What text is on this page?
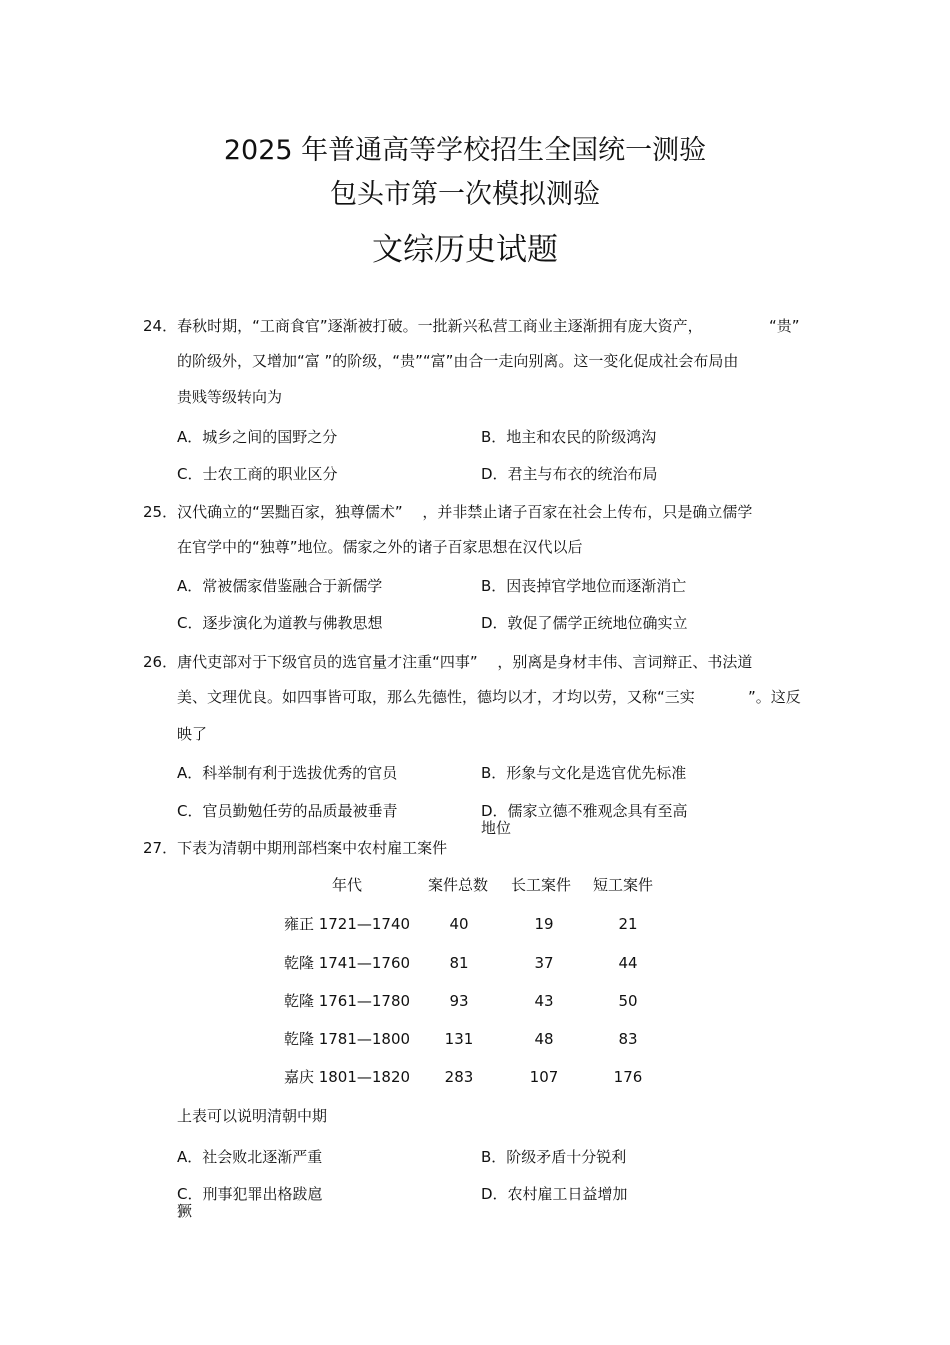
2025 年普通高等学校招生全国统一测验
包头市第一次模拟测验
文综历史试题
24．春秋时期，“工商食官”逐渐被打破。一批新兴私营工商业主逐渐拥有庞大资产，	“贵”
的阶级外，又增加“富 ”的阶级，“贵”“富”由合一走向别离。这一变化促成社会布局由
贵贱等级转向为
A．城乡之间的国野之分	B．地主和农民的阶级鸿沟
C．士农工商的职业区分	D．君主与布衣的统治布局
25．汉代确立的“罢黜百家，独尊儒术”　 ，并非禁止诸子百家在社会上传布，只是确立儒学
在官学中的“独尊”地位。儒家之外的诸子百家思想在汉代以后
A．常被儒家借鉴融合于新儒学	B．因丧掉官学地位而逐渐消亡
C．逐步演化为道教与佛教思想	D．敦促了儒学正统地位确实立
26．唐代吏部对于下级官员的选官量才注重“四事”　 ，别离是身材丰伟、言词辩正、书法道
美、文理优良。如四事皆可取，那么先德性，德均以才，才均以劳，又称“三实	”。这反
映了
A．科举制有利于选拔优秀的官员	B．形象与文化是选官优先标准
C．官员勤勉任劳的品质最被垂青	D．儒家立德不雅观念具有至高
地位
27．下表为清朝中期刑部档案中农村雇工案件
年代	案件总数	长工案件	短工案件
雍正 1721—1740	40	19	21
乾隆 1741—1760	81	37	44
乾隆 1761—1780	93	43	50
乾隆 1781—1800	131	48	83
嘉庆 1801—1820	283	107	176
上表可以说明清朝中期
A．社会败北逐渐严重	B．阶级矛盾十分锐利
C．刑事犯罪出格跋扈
獗
D．农村雇工日益增加
